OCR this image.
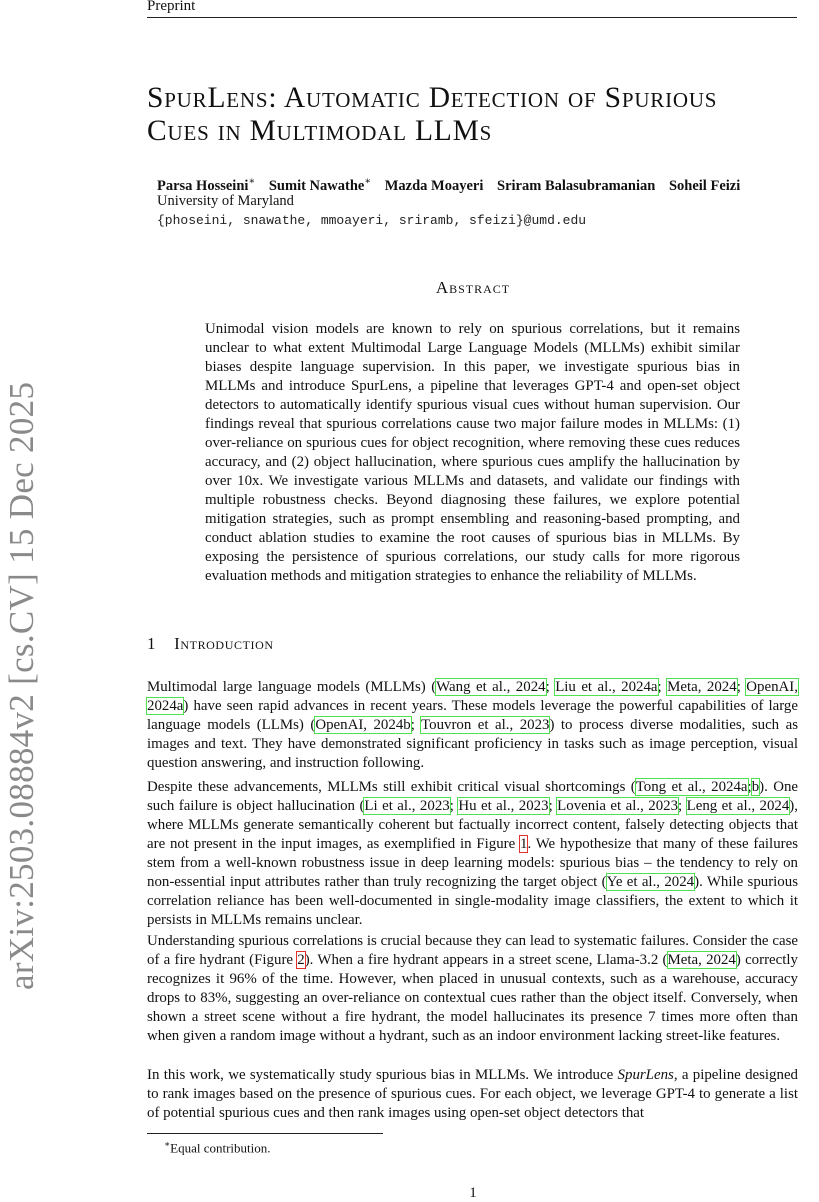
Preprint
SpurLens: Automatic Detection of Spurious
Cues in Multimodal LLMs
Parsa Hosseini∗ Sumit Nawathe∗ Mazda Moayeri Sriram Balasubramanian Soheil Feizi
University of Maryland
{phoseini, snawathe, mmoayeri, sriramb, sfeizi}@umd.edu
arXiv:2503.08884v2 [cs.CV] 15 Dec 2025
Abstract

Unimodal vision models are known to rely on spurious correlations, but it remains unclear to what extent Multimodal Large Language Models (MLLMs) exhibit similar biases despite language supervision. In this paper, we investigate spurious bias in MLLMs and introduce SpurLens, a pipeline that leverages GPT-4 and open-set object detectors to automatically identify spurious visual cues without human supervision. Our findings reveal that spurious correlations cause two major failure modes in MLLMs: (1) over-reliance on spurious cues for object recognition, where removing these cues reduces accuracy, and (2) object hallucination, where spurious cues amplify the hallucination by over 10x. We investigate various MLLMs and datasets, and validate our findings with multiple robustness checks. Beyond diagnosing these failures, we explore potential mitigation strategies, such as prompt ensembling and reasoning-based prompting, and conduct ablation studies to examine the root causes of spurious bias in MLLMs. By exposing the persistence of spurious correlations, our study calls for more rigorous evaluation methods and mitigation strategies to enhance the reliability of MLLMs.

1 Introduction

Multimodal large language models (MLLMs) (Wang et al., 2024; Liu et al., 2024a; Meta, 2024; OpenAI, 2024a) have seen rapid advances in recent years. These models leverage the powerful capabilities of large language models (LLMs) (OpenAI, 2024b; Touvron et al., 2023) to process diverse modalities, such as images and text. They have demonstrated significant proficiency in tasks such as image perception, visual question answering, and instruction following.

Despite these advancements, MLLMs still exhibit critical visual shortcomings (Tong et al., 2024a;b). One such failure is object hallucination (Li et al., 2023; Hu et al., 2023; Lovenia et al., 2023; Leng et al., 2024), where MLLMs generate semantically coherent but factually incorrect content, falsely detecting objects that are not present in the input images, as exemplified in Figure 1. We hypothesize that many of these failures stem from a well-known robustness issue in deep learning models: spurious bias – the tendency to rely on non-essential input attributes rather than truly recognizing the target object (Ye et al., 2024). While spurious correlation reliance has been well-documented in single-modality image classifiers, the extent to which it persists in MLLMs remains unclear.

Understanding spurious correlations is crucial because they can lead to systematic failures. Consider the case of a fire hydrant (Figure 2). When a fire hydrant appears in a street scene, Llama-3.2 (Meta, 2024) correctly recognizes it 96% of the time. However, when placed in unusual contexts, such as a warehouse, accuracy drops to 83%, suggesting an over-reliance on contextual cues rather than the object itself. Conversely, when shown a street scene without a fire hydrant, the model hallucinates its presence 7 times more often than when given a random image without a hydrant, such as an indoor environment lacking street-like features.

In this work, we systematically study spurious bias in MLLMs. We introduce SpurLens, a pipeline designed to rank images based on the presence of spurious cues. For each object, we leverage GPT-4 to generate a list of potential spurious cues and then rank images using open-set object detectors that

∗Equal contribution.
1
